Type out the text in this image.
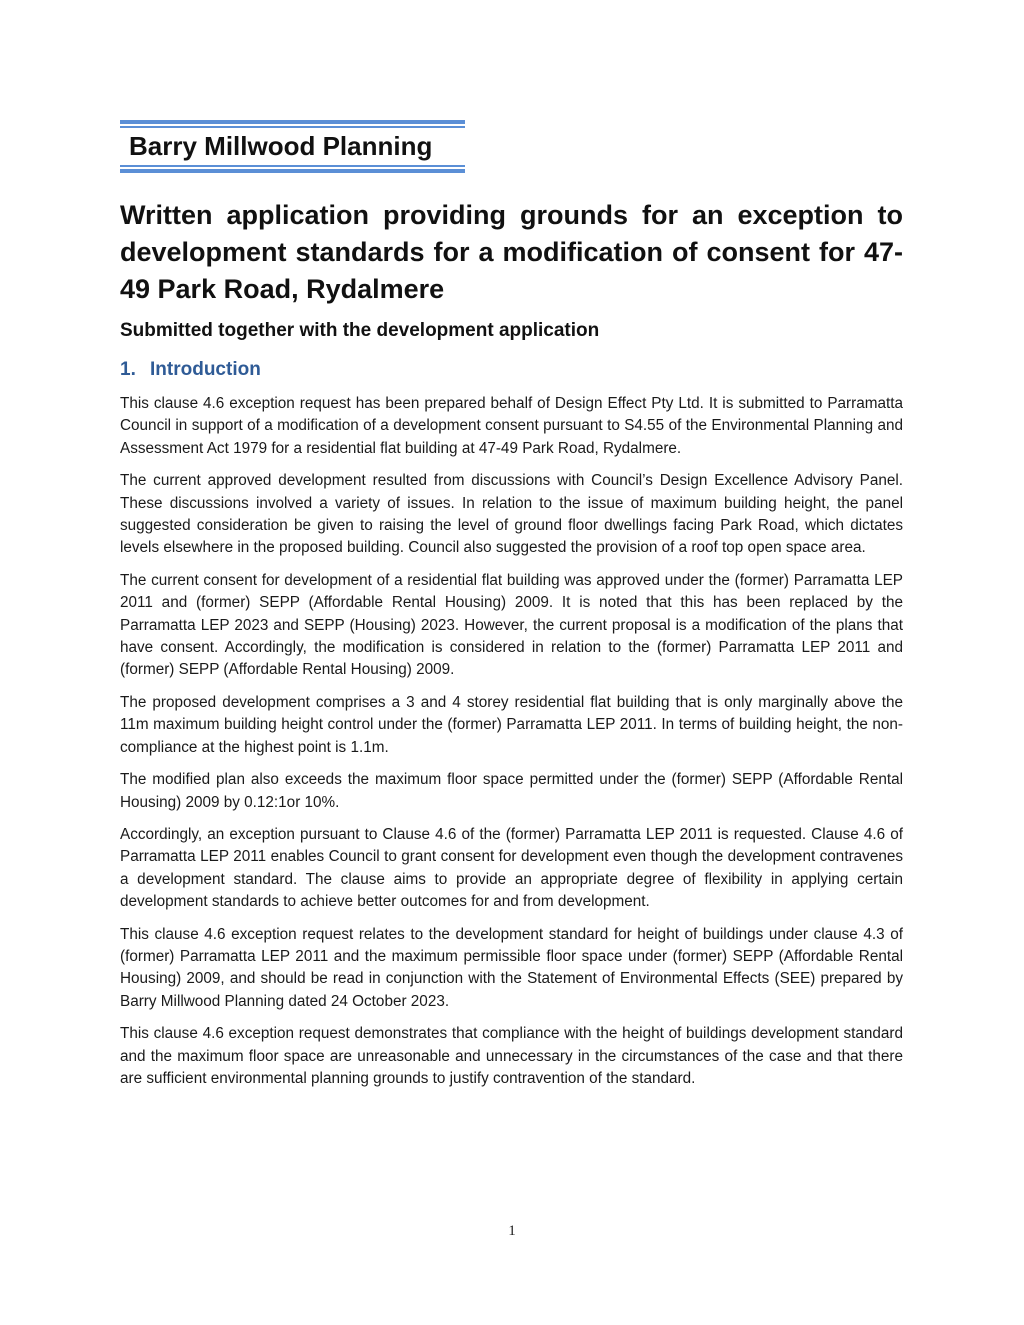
Barry Millwood Planning
Written application providing grounds for an exception to development standards for a modification of consent for 47-49 Park Road, Rydalmere
Submitted together with the development application
1. Introduction

This clause 4.6 exception request has been prepared behalf of Design Effect Pty Ltd. It is submitted to Parramatta Council in support of a modification of a development consent pursuant to S4.55 of the Environmental Planning and Assessment Act 1979 for a residential flat building at 47-49 Park Road, Rydalmere.

The current approved development resulted from discussions with Council’s Design Excellence Advisory Panel. These discussions involved a variety of issues. In relation to the issue of maximum building height, the panel suggested consideration be given to raising the level of ground floor dwellings facing Park Road, which dictates levels elsewhere in the proposed building. Council also suggested the provision of a roof top open space area.

The current consent for development of a residential flat building was approved under the (former) Parramatta LEP 2011 and (former) SEPP (Affordable Rental Housing) 2009. It is noted that this has been replaced by the Parramatta LEP 2023 and SEPP (Housing) 2023. However, the current proposal is a modification of the plans that have consent. Accordingly, the modification is considered in relation to the (former) Parramatta LEP 2011 and (former) SEPP (Affordable Rental Housing) 2009.

The proposed development comprises a 3 and 4 storey residential flat building that is only marginally above the 11m maximum building height control under the (former) Parramatta LEP 2011. In terms of building height, the non-compliance at the highest point is 1.1m.

The modified plan also exceeds the maximum floor space permitted under the (former) SEPP (Affordable Rental Housing) 2009 by 0.12:1or 10%.

Accordingly, an exception pursuant to Clause 4.6 of the (former) Parramatta LEP 2011 is requested. Clause 4.6 of Parramatta LEP 2011 enables Council to grant consent for development even though the development contravenes a development standard. The clause aims to provide an appropriate degree of flexibility in applying certain development standards to achieve better outcomes for and from development.

This clause 4.6 exception request relates to the development standard for height of buildings under clause 4.3 of (former) Parramatta LEP 2011 and the maximum permissible floor space under (former) SEPP (Affordable Rental Housing) 2009, and should be read in conjunction with the Statement of Environmental Effects (SEE) prepared by Barry Millwood Planning dated 24 October 2023.

This clause 4.6 exception request demonstrates that compliance with the height of buildings development standard and the maximum floor space are unreasonable and unnecessary in the circumstances of the case and that there are sufficient environmental planning grounds to justify contravention of the standard.

1
